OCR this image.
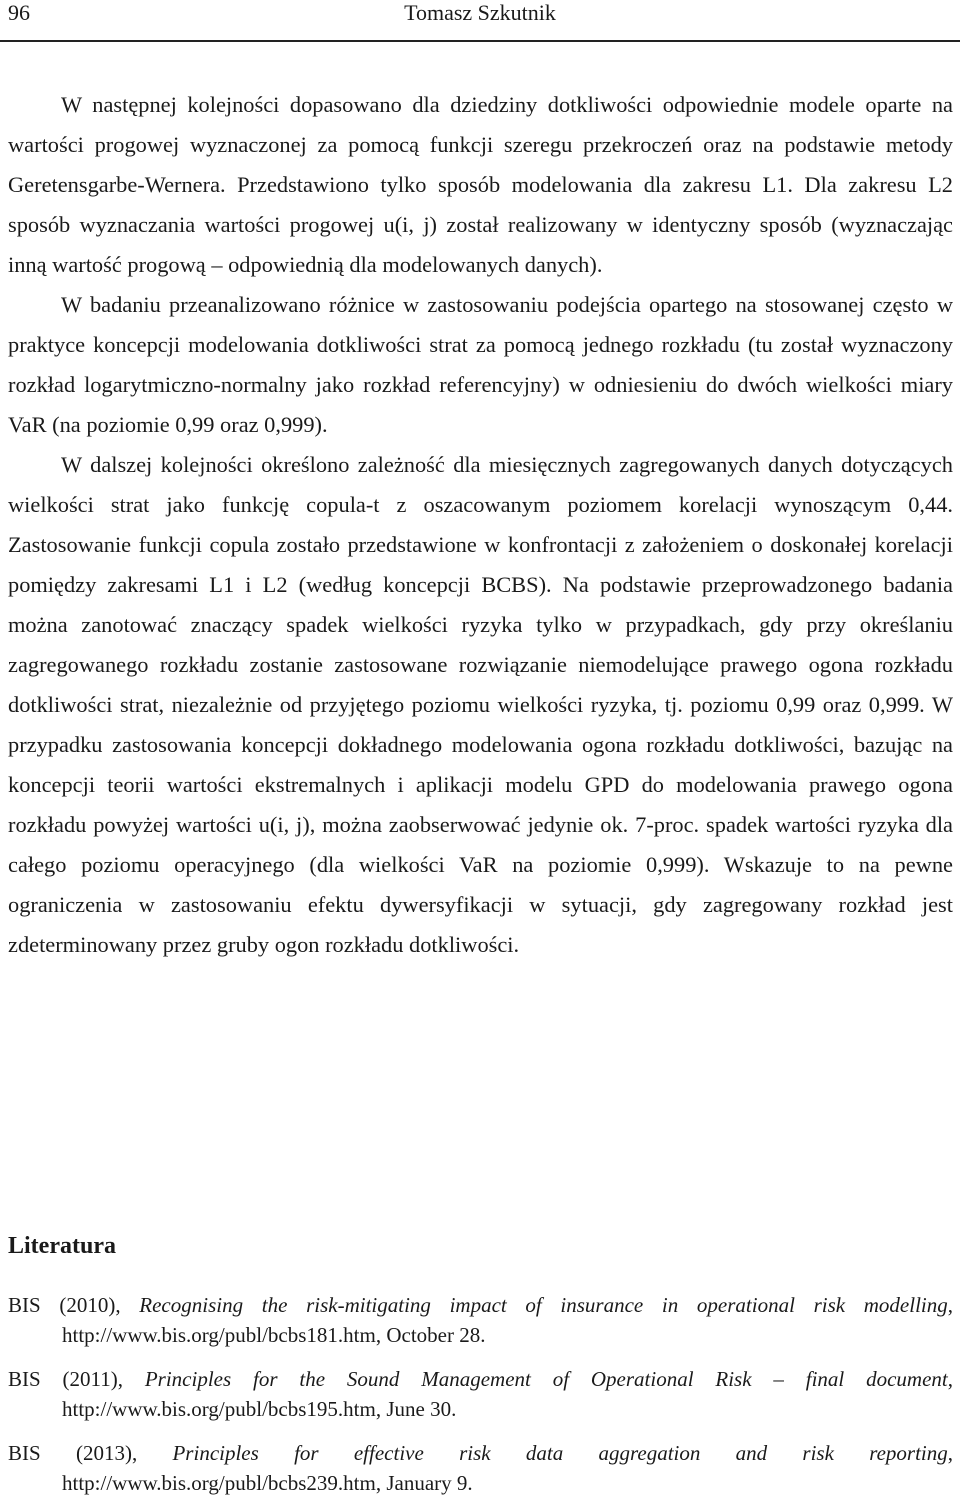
Tomasz Szkutnik
96

W następnej kolejności dopasowano dla dziedziny dotkliwości odpowiednie modele oparte na wartości progowej wyznaczonej za pomocą funkcji szeregu przekroczeń oraz na podstawie metody Geretensgarbe-Wernera. Przedstawiono tylko sposób modelowania dla zakresu L1. Dla zakresu L2 sposób wyznaczania wartości progowej u(i, j) został realizowany w identyczny sposób (wyznaczając inną wartość progową – odpowiednią dla modelowanych danych).

W badaniu przeanalizowano różnice w zastosowaniu podejścia opartego na stosowanej często w praktyce koncepcji modelowania dotkliwości strat za pomocą jednego rozkładu (tu został wyznaczony rozkład logarytmiczno-normalny jako rozkład referencyjny) w odniesieniu do dwóch wielkości miary VaR (na poziomie 0,99 oraz 0,999).

W dalszej kolejności określono zależność dla miesięcznych zagregowanych danych dotyczących wielkości strat jako funkcję copula-t z oszacowanym poziomem korelacji wynoszącym 0,44. Zastosowanie funkcji copula zostało przedstawione w konfrontacji z założeniem o doskonałej korelacji pomiędzy zakresami L1 i L2 (według koncepcji BCBS). Na podstawie przeprowadzonego badania można zanotować znaczący spadek wielkości ryzyka tylko w przypadkach, gdy przy określaniu zagregowanego rozkładu zostanie zastosowane rozwiązanie niemodelujące prawego ogona rozkładu dotkliwości strat, niezależnie od przyjętego poziomu wielkości ryzyka, tj. poziomu 0,99 oraz 0,999. W przypadku zastosowania koncepcji dokładnego modelowania ogona rozkładu dotkliwości, bazując na koncepcji teorii wartości ekstremalnych i aplikacji modelu GPD do modelowania prawego ogona rozkładu powyżej wartości u(i, j), można zaobserwować jedynie ok. 7-proc. spadek wartości ryzyka dla całego poziomu operacyjnego (dla wielkości VaR na poziomie 0,999). Wskazuje to na pewne ograniczenia w zastosowaniu efektu dywersyfikacji w sytuacji, gdy zagregowany rozkład jest zdeterminowany przez gruby ogon rozkładu dotkliwości.

Literatura

BIS (2010), Recognising the risk-mitigating impact of insurance in operational risk modelling, http://www.bis.org/publ/bcbs181.htm, October 28.

BIS (2011), Principles for the Sound Management of Operational Risk – final document, http://www.bis.org/publ/bcbs195.htm, June 30.

BIS (2013), Principles for effective risk data aggregation and risk reporting, http://www.bis.org/publ/bcbs239.htm, January 9.
